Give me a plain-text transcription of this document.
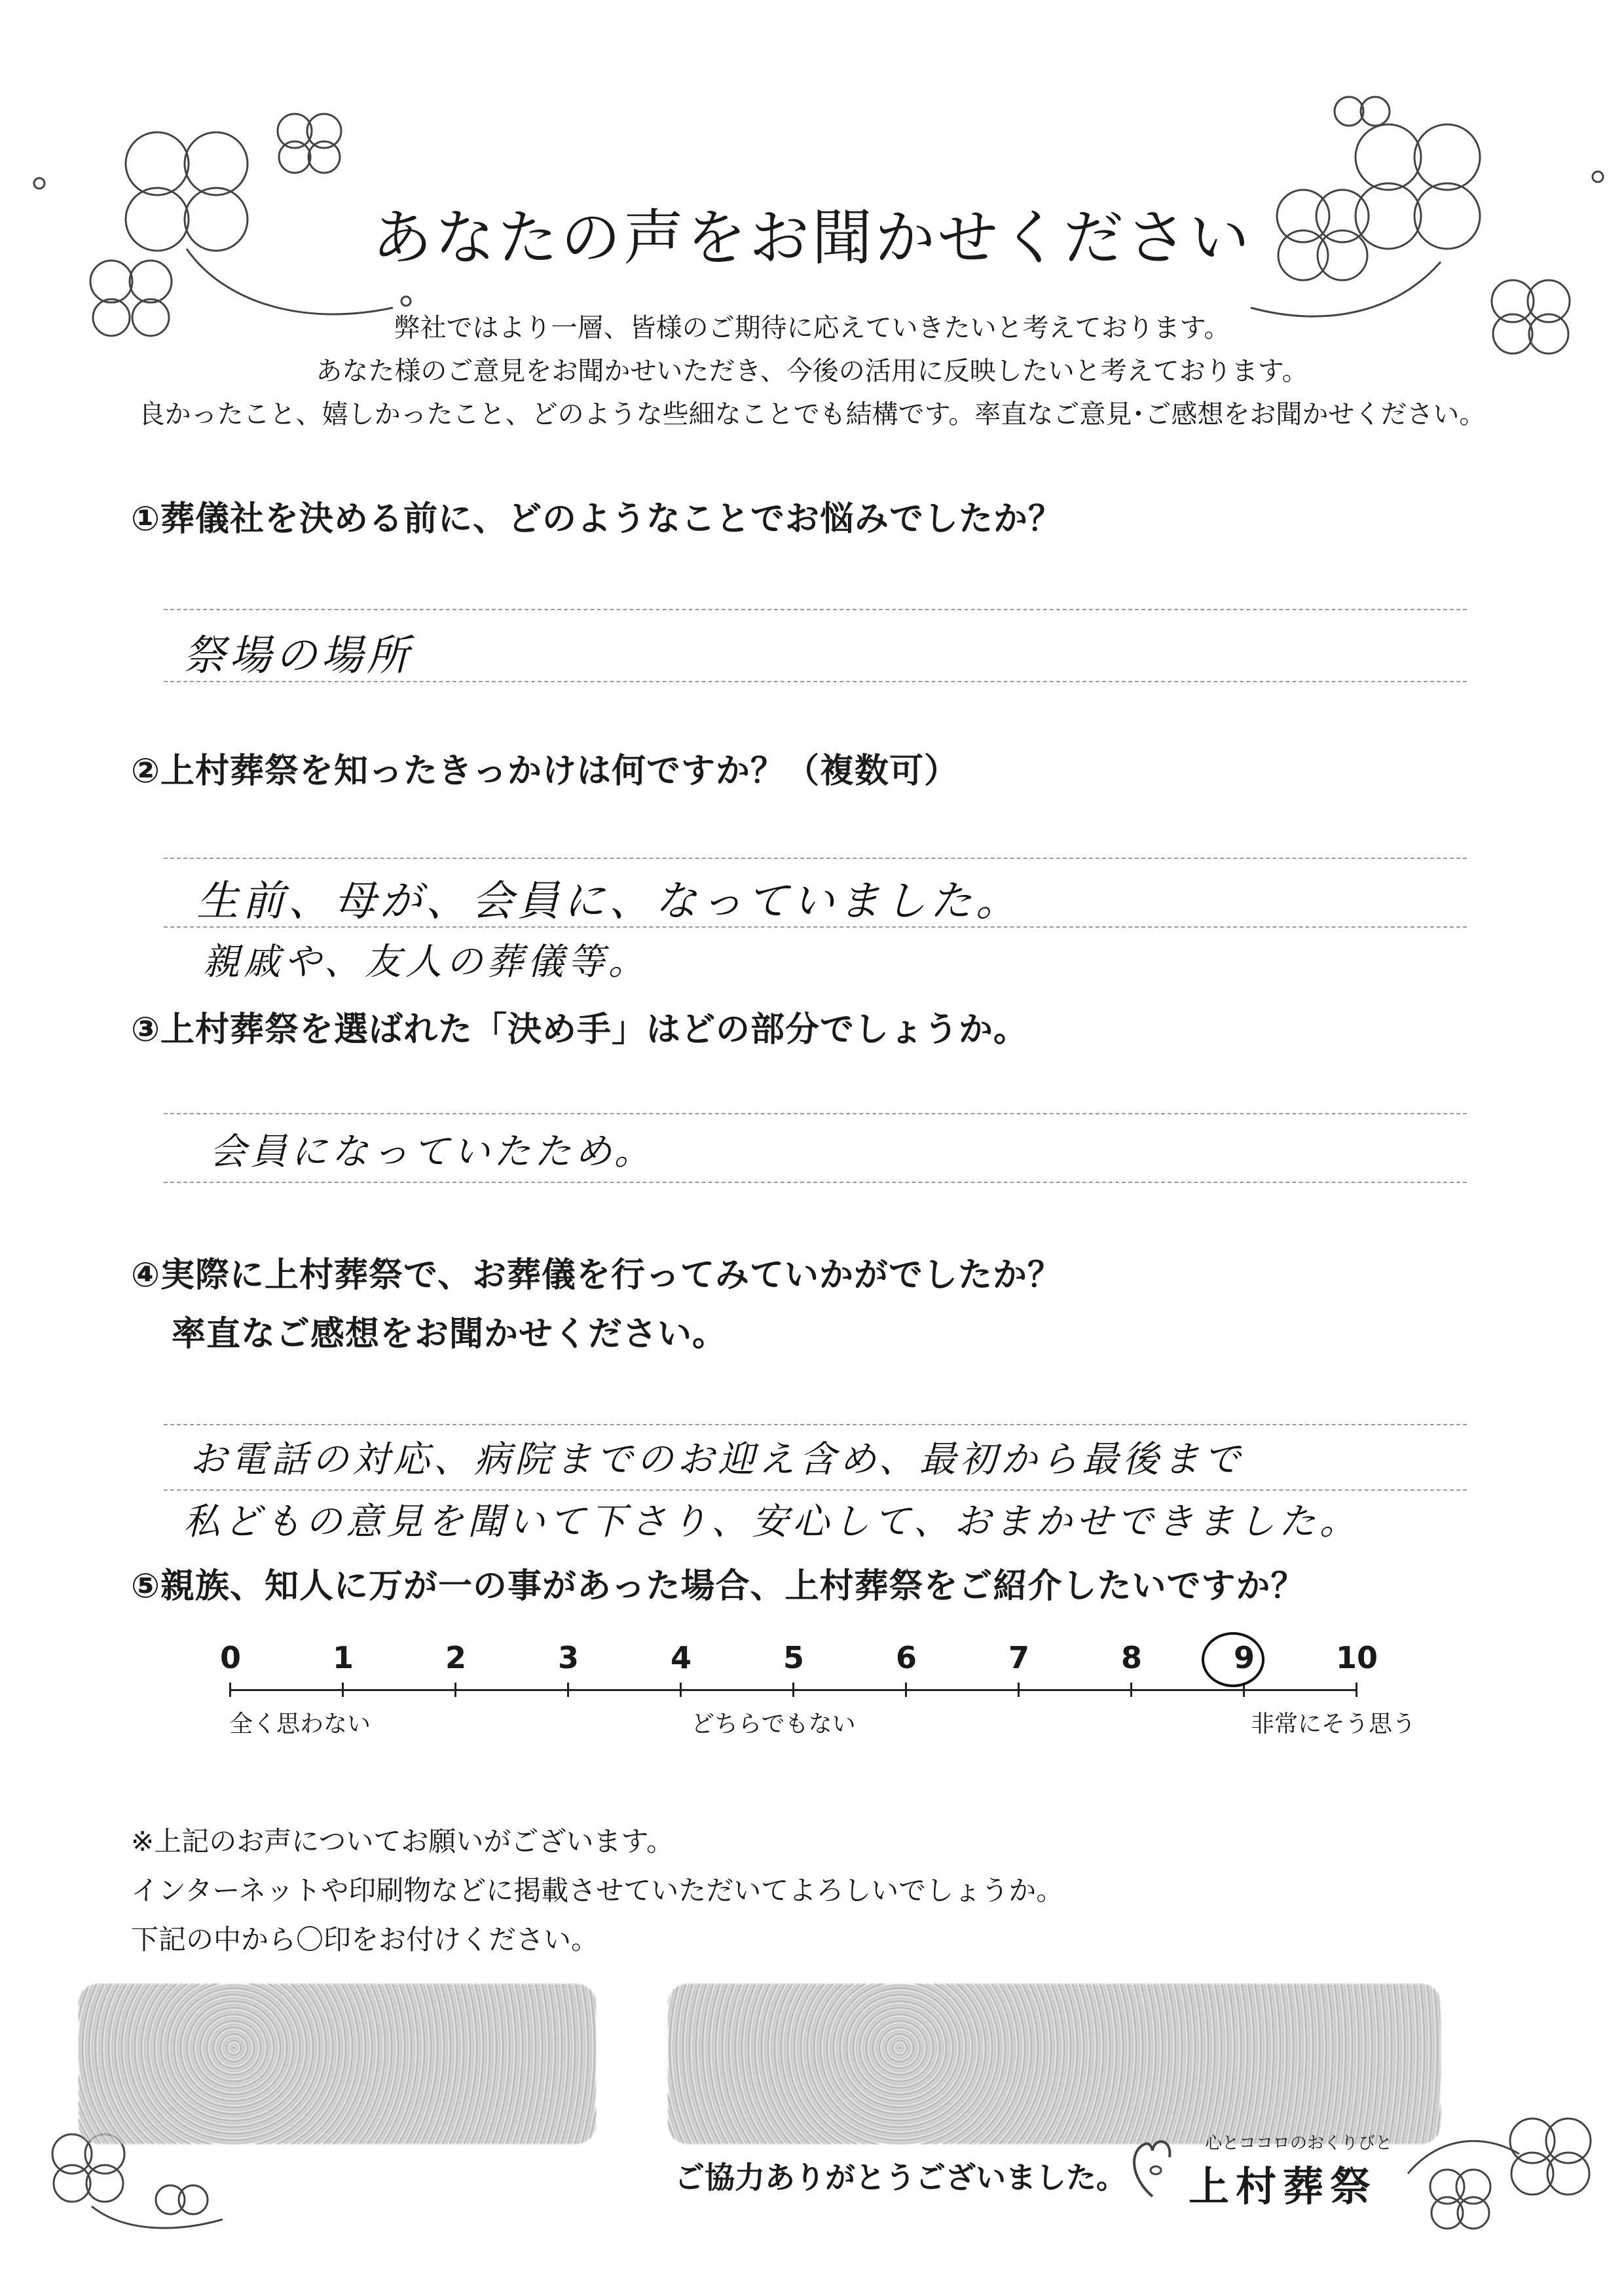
あなたの声をお聞かせください
弊社ではより一層、皆様のご期待に応えていきたいと考えております。
あなた様のご意見をお聞かせいただき、今後の活用に反映したいと考えております。
良かったこと、嬉しかったこと、どのような些細なことでも結構です。率直なご意見･ご感想をお聞かせください。
①葬儀社を決める前に、どのようなことでお悩みでしたか？
祭場の場所
②上村葬祭を知ったきっかけは何ですか？（複数可）
生前、母が、会員に、なっていました。
親戚や、友人の葬儀等。
③上村葬祭を選ばれた「決め手」はどの部分でしょうか。
会員になっていたため。
④実際に上村葬祭で、お葬儀を行ってみていかがでしたか？
率直なご感想をお聞かせください。
お電話の対応、病院までのお迎え含め、最初から最後まで
私どもの意見を聞いて下さり、安心して、おまかせできました。
⑤親族、知人に万が一の事があった場合、上村葬祭をご紹介したいですか？
0	1	2	3	4	5	6	7	8	9	10
全く思わない	どちらでもない	非常にそう思う
※上記のお声についてお願いがございます。
インターネットや印刷物などに掲載させていただいてよろしいでしょうか。
下記の中から〇印をお付けください。
ご協力ありがとうございました。
心とココロのおくりびと
上村葬祭
